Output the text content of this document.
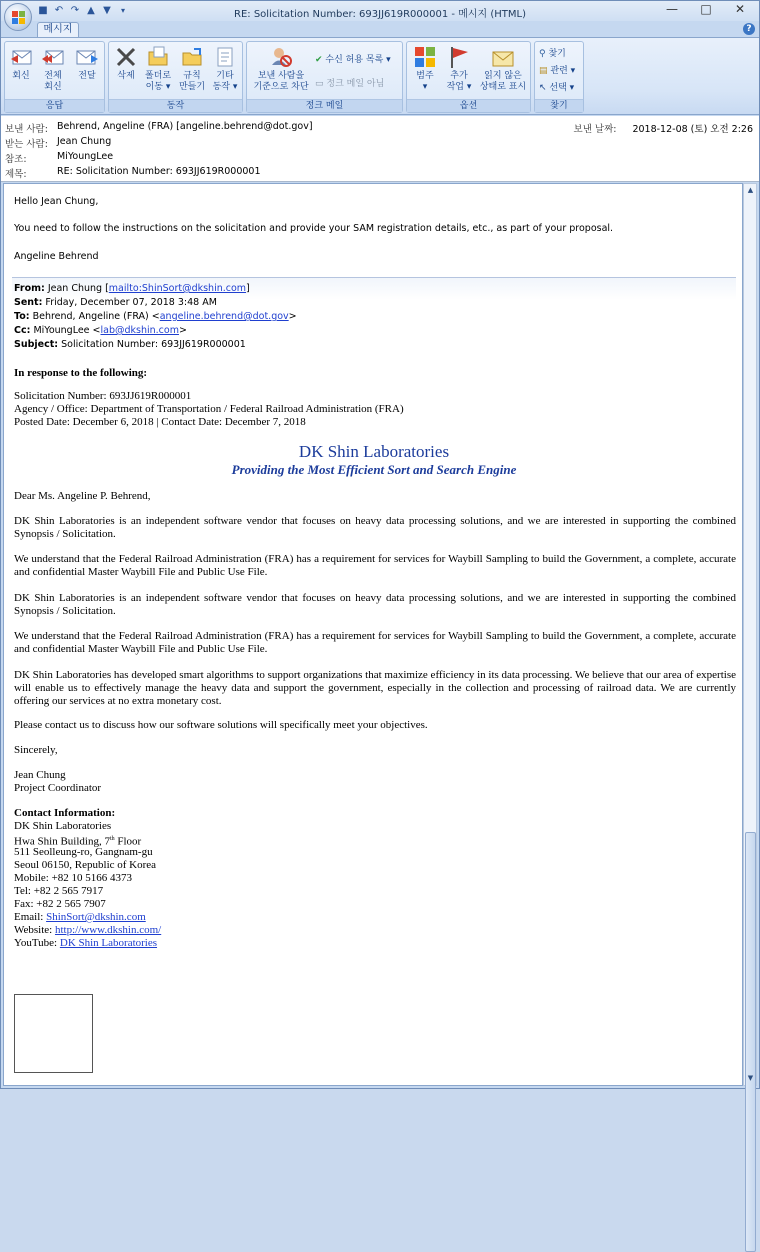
■ ↶ ↷ ▲ ▼	▾	RE: Solicitation Number: 693JJ619R000001 - 메시지 (HTML)	—	□	✕
메시지	?
회신	전체
회신
전달
응답
삭제	폴더로
이동 ▾
규칙
만들기
기타
동작 ▾
동작
보낸 사람을
기준으로 차단
✔ 수신 허용 목록 ▾
▭ 정크 메일 아님
정크 메일
범주
▾
추가
작업 ▾
읽지 않은
상태로 표시
옵션
⚲ 찾기
▤ 관련 ▾
↖ 선택 ▾
찾기
보낸 사람: Behrend, Angeline (FRA) [angeline.behrend@dot.gov]
받는 사람: Jean Chung
참조:	MiYoungLee
제목:	RE: Solicitation Number: 693JJ619R000001
보낸 날짜: 2018-12-08 (토) 오전 2:26
Hello Jean Chung,
You need to follow the instructions on the solicitation and provide your SAM registration details, etc., as part of your proposal.
Angeline Behrend
From: Jean Chung [mailto:ShinSort@dkshin.com]
Sent: Friday, December 07, 2018 3:48 AM
To: Behrend, Angeline (FRA) <angeline.behrend@dot.gov>
Cc: MiYoungLee <lab@dkshin.com>
Subject: Solicitation Number: 693JJ619R000001
In response to the following:
Solicitation Number: 693JJ619R000001
Agency / Office: Department of Transportation / Federal Railroad Administration (FRA)
Posted Date: December 6, 2018 | Contact Date: December 7, 2018
DK Shin Laboratories
Providing the Most Efficient Sort and Search Engine
Dear Ms. Angeline P. Behrend,
DK Shin Laboratories is an independent software vendor that focuses on heavy data processing solutions, and we are interested in supporting the combined Synopsis / Solicitation.
We understand that the Federal Railroad Administration (FRA) has a requirement for services for Waybill Sampling to build the Government, a complete, accurate and confidential Master Waybill File and Public Use File.
DK Shin Laboratories is an independent software vendor that focuses on heavy data processing solutions, and we are interested in supporting the combined Synopsis / Solicitation.
We understand that the Federal Railroad Administration (FRA) has a requirement for services for Waybill Sampling to build the Government, a complete, accurate and confidential Master Waybill File and Public Use File.
DK Shin Laboratories has developed smart algorithms to support organizations that maximize efficiency in its data processing. We believe that our area of expertise will enable us to effectively manage the heavy data and support the government, especially in the collection and processing of railroad data. We are currently offering our services at no extra monetary cost.
Please contact us to discuss how our software solutions will specifically meet your objectives.
Sincerely,
Jean Chung
Project Coordinator
Contact Information:
DK Shin Laboratories
Hwa Shin Building, 7th Floor
511 Seolleung-ro, Gangnam-gu
Seoul 06150, Republic of Korea
Mobile: +82 10 5166 4373
Tel: +82 2 565 7917
Fax: +82 2 565 7907
Email: ShinSort@dkshin.com
Website: http://www.dkshin.com/
YouTube: DK Shin Laboratories
▲
▼
